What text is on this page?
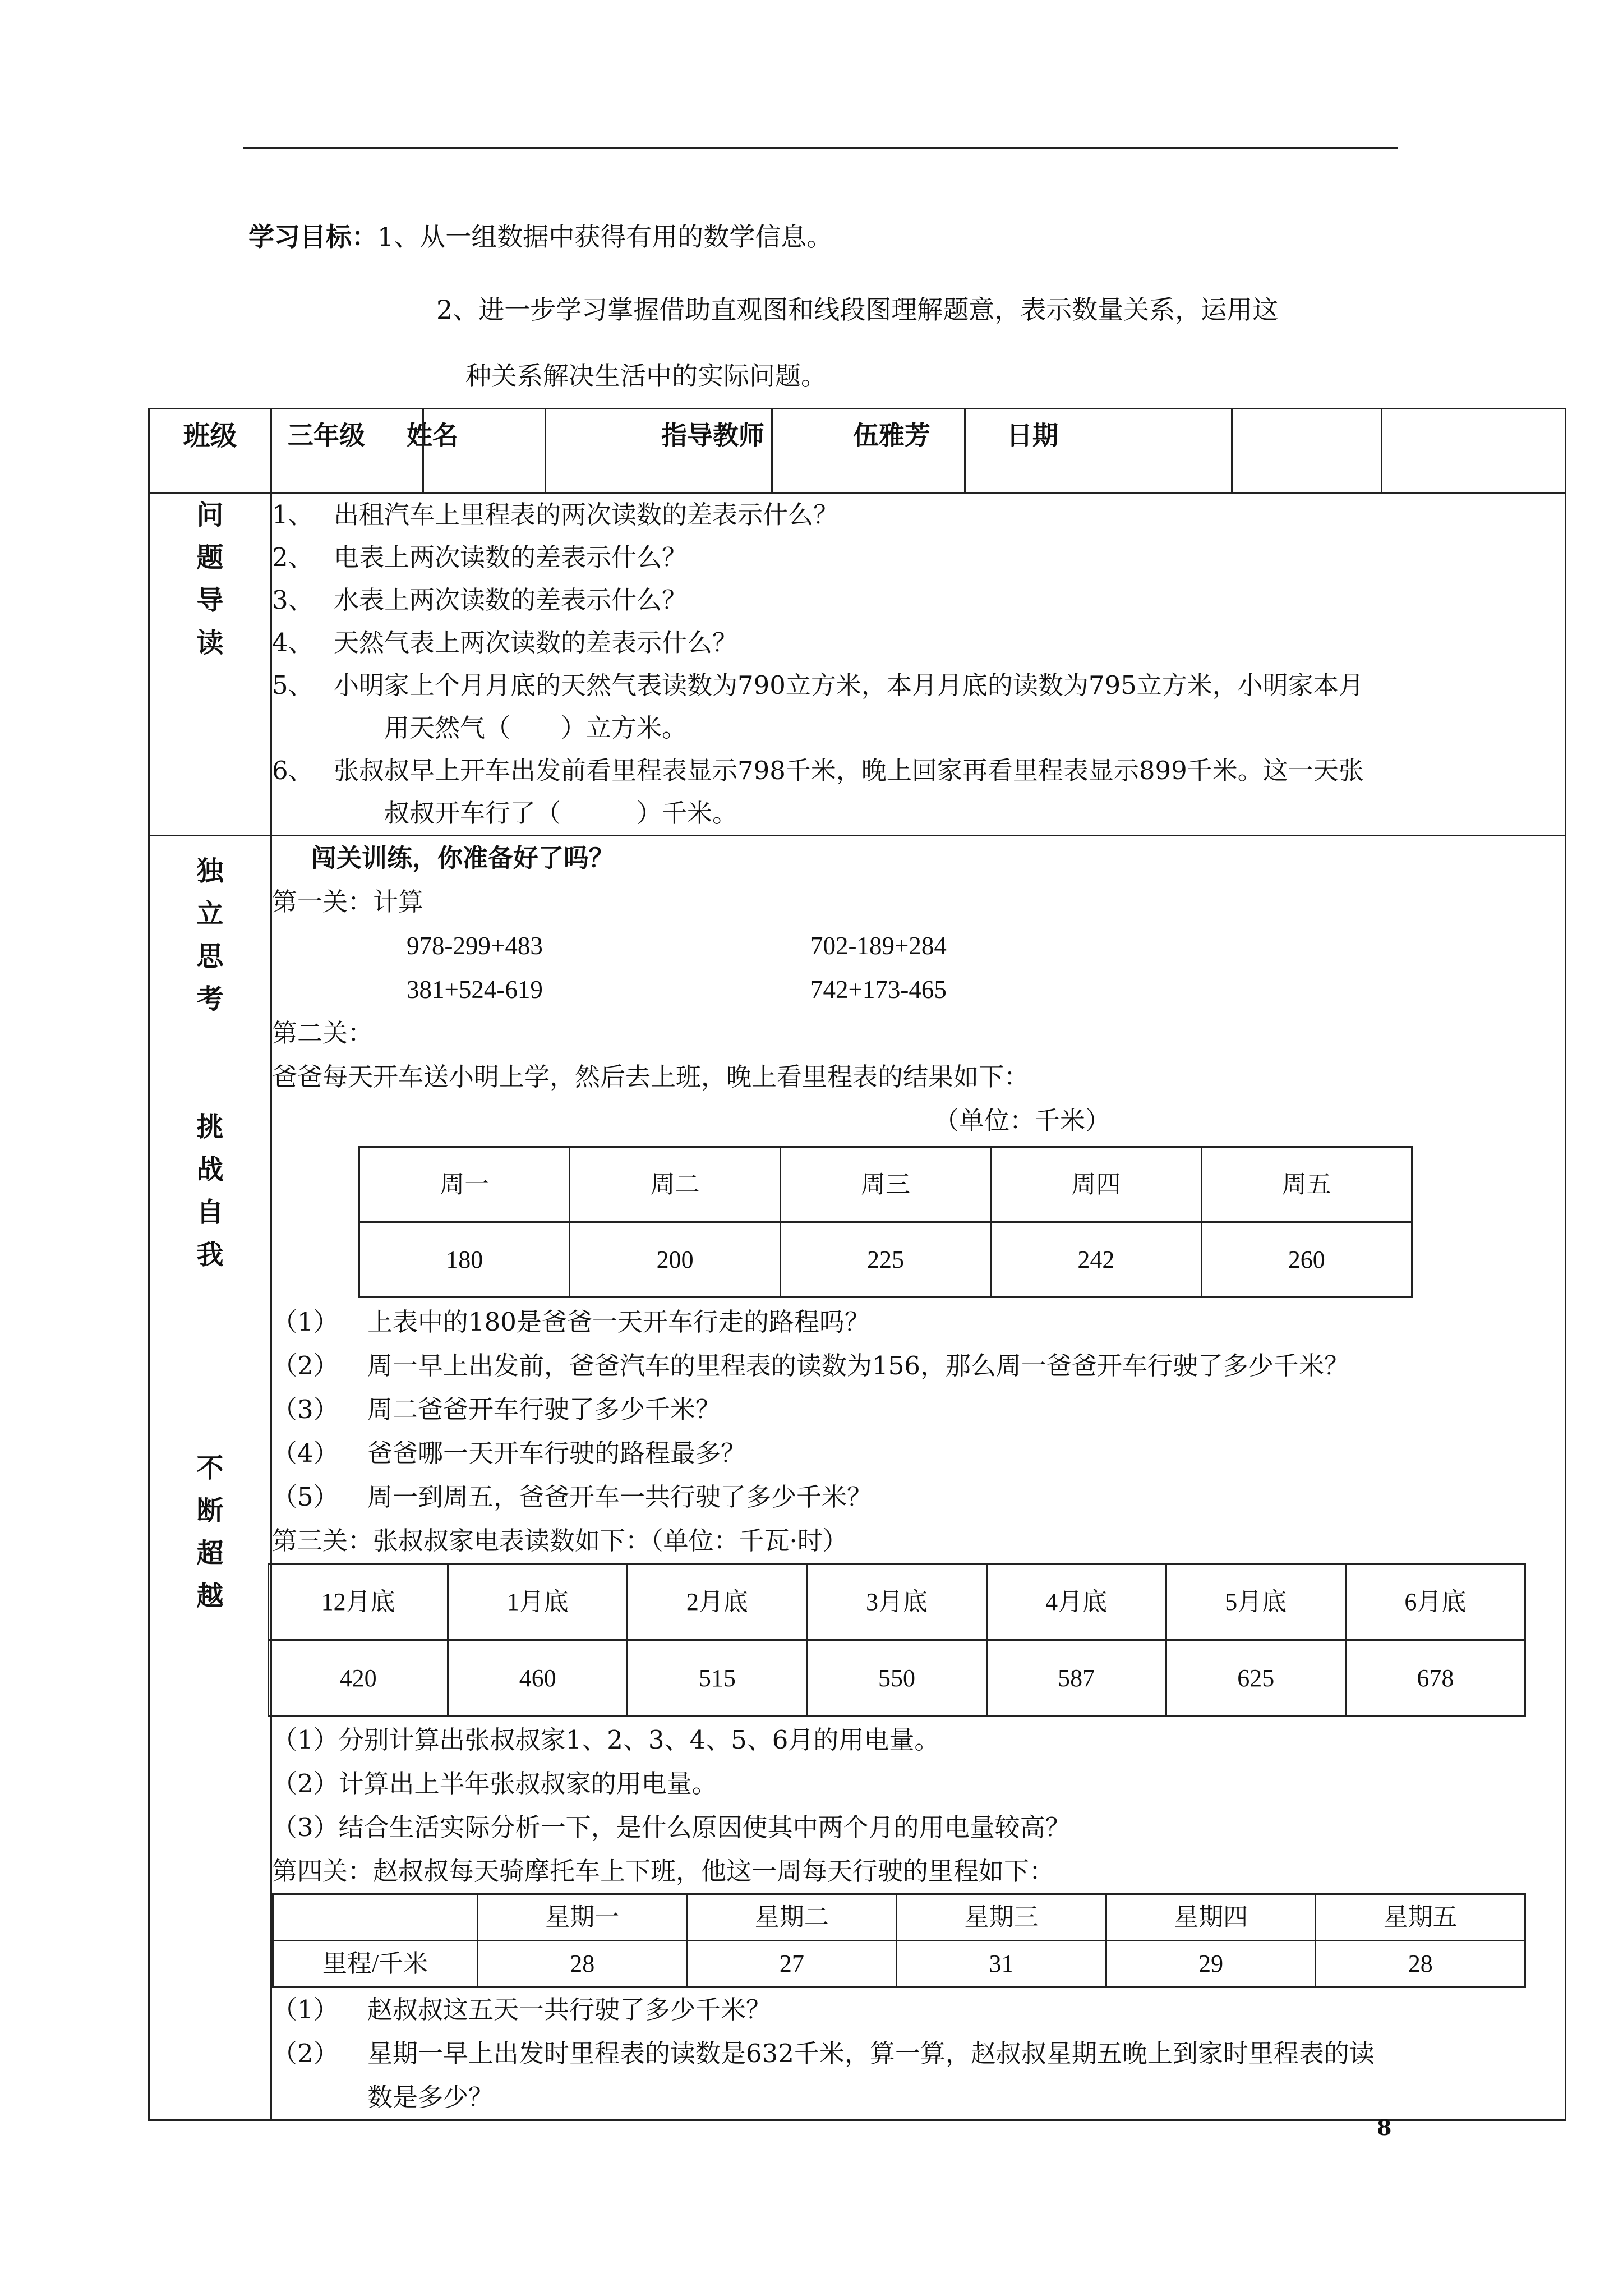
学习目标：1、从一组数据中获得有用的数学信息。
2、进一步学习掌握借助直观图和线段图理解题意，表示数量关系，运用这
种关系解决生活中的实际问题。
班级	三年级 姓名	指导教师	伍雅芳	日期

问
题
导
读

1、 出租汽车上里程表的两次读数的差表示什么？
2、 电表上两次读数的差表示什么？
3、 水表上两次读数的差表示什么？
4、 天然气表上两次读数的差表示什么？
5、 小明家上个月月底的天然气表读数为790立方米，本月月底的读数为795立方米，小明家本月
用天然气（　　）立方米。
6、 张叔叔早上开车出发前看里程表显示798千米，晚上回家再看里程表显示899千米。这一天张
叔叔开车行了（　　　）千米。

独
立
思
考
挑
战
自
我
不
断
超
越

闯关训练，你准备好了吗？
第一关：计算
978-299+483	702-189+284
381+524-619	742+173-465
第二关：
爸爸每天开车送小明上学，然后去上班，晚上看里程表的结果如下：
（单位：千米）
周一	周二	周三	周四	周五
180	200	225	242	260
（1） 上表中的180是爸爸一天开车行走的路程吗？
（2） 周一早上出发前，爸爸汽车的里程表的读数为156，那么周一爸爸开车行驶了多少千米？
（3） 周二爸爸开车行驶了多少千米？
（4） 爸爸哪一天开车行驶的路程最多？
（5） 周一到周五，爸爸开车一共行驶了多少千米？
第三关：张叔叔家电表读数如下：（单位：千瓦·时）
12月底	1月底	2月底	3月底	4月底	5月底	6月底
420	460	515	550	587	625	678
（1）分别计算出张叔叔家1、2、3、4、5、6月的用电量。
（2）计算出上半年张叔叔家的用电量。
（3）结合生活实际分析一下，是什么原因使其中两个月的用电量较高？
第四关：赵叔叔每天骑摩托车上下班，他这一周每天行驶的里程如下：
	星期一	星期二	星期三	星期四	星期五
里程/千米	28	27	31	29	28
（1） 赵叔叔这五天一共行驶了多少千米？
（2） 星期一早上出发时里程表的读数是632千米，算一算，赵叔叔星期五晚上到家时里程表的读
数是多少？
8
